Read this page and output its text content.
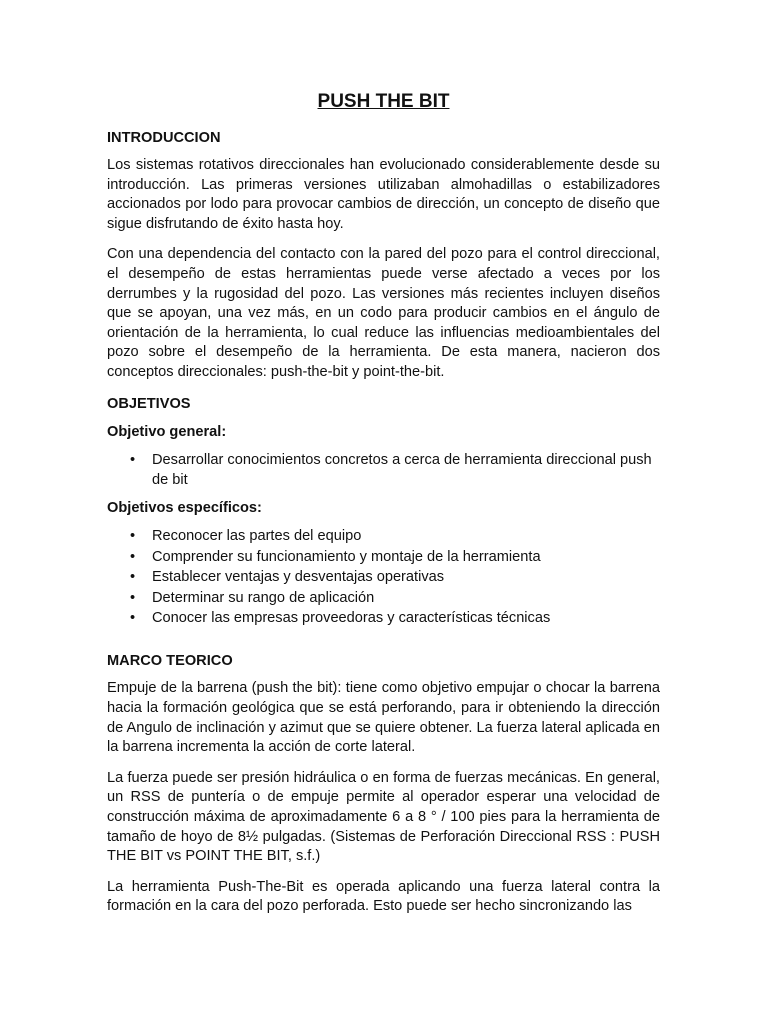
PUSH THE BIT
INTRODUCCION

Los sistemas rotativos direccionales han evolucionado considerablemente desde su introducción. Las primeras versiones utilizaban almohadillas o estabilizadores accionados por lodo para provocar cambios de dirección, un concepto de diseño que sigue disfrutando de éxito hasta hoy.

Con una dependencia del contacto con la pared del pozo para el control direccional, el desempeño de estas herramientas puede verse afectado a veces por los derrumbes y la rugosidad del pozo. Las versiones más recientes incluyen diseños que se apoyan, una vez más, en un codo para producir cambios en el ángulo de orientación de la herramienta, lo cual reduce las influencias medioambientales del pozo sobre el desempeño de la herramienta. De esta manera, nacieron dos conceptos direccionales: push-the-bit y point-the-bit.

OBJETIVOS
Objetivo general:
• Desarrollar conocimientos concretos a cerca de herramienta direccional push de bit
Objetivos específicos:
• Reconocer las partes del equipo
• Comprender su funcionamiento y montaje de la herramienta
• Establecer ventajas y desventajas operativas
• Determinar su rango de aplicación
• Conocer las empresas proveedoras y características técnicas
MARCO TEORICO

Empuje de la barrena (push the bit): tiene como objetivo empujar o chocar la barrena hacia la formación geológica que se está perforando, para ir obteniendo la dirección de Angulo de inclinación y azimut que se quiere obtener. La fuerza lateral aplicada en la barrena incrementa la acción de corte lateral.

La fuerza puede ser presión hidráulica o en forma de fuerzas mecánicas. En general, un RSS de puntería o de empuje permite al operador esperar una velocidad de construcción máxima de aproximadamente 6 a 8 ° / 100 pies para la herramienta de tamaño de hoyo de 8½ pulgadas. (Sistemas de Perforación Direccional RSS : PUSH THE BIT vs POINT THE BIT, s.f.)

La herramienta Push-The-Bit es operada aplicando una fuerza lateral contra la formación en la cara del pozo perforada. Esto puede ser hecho sincronizando las
